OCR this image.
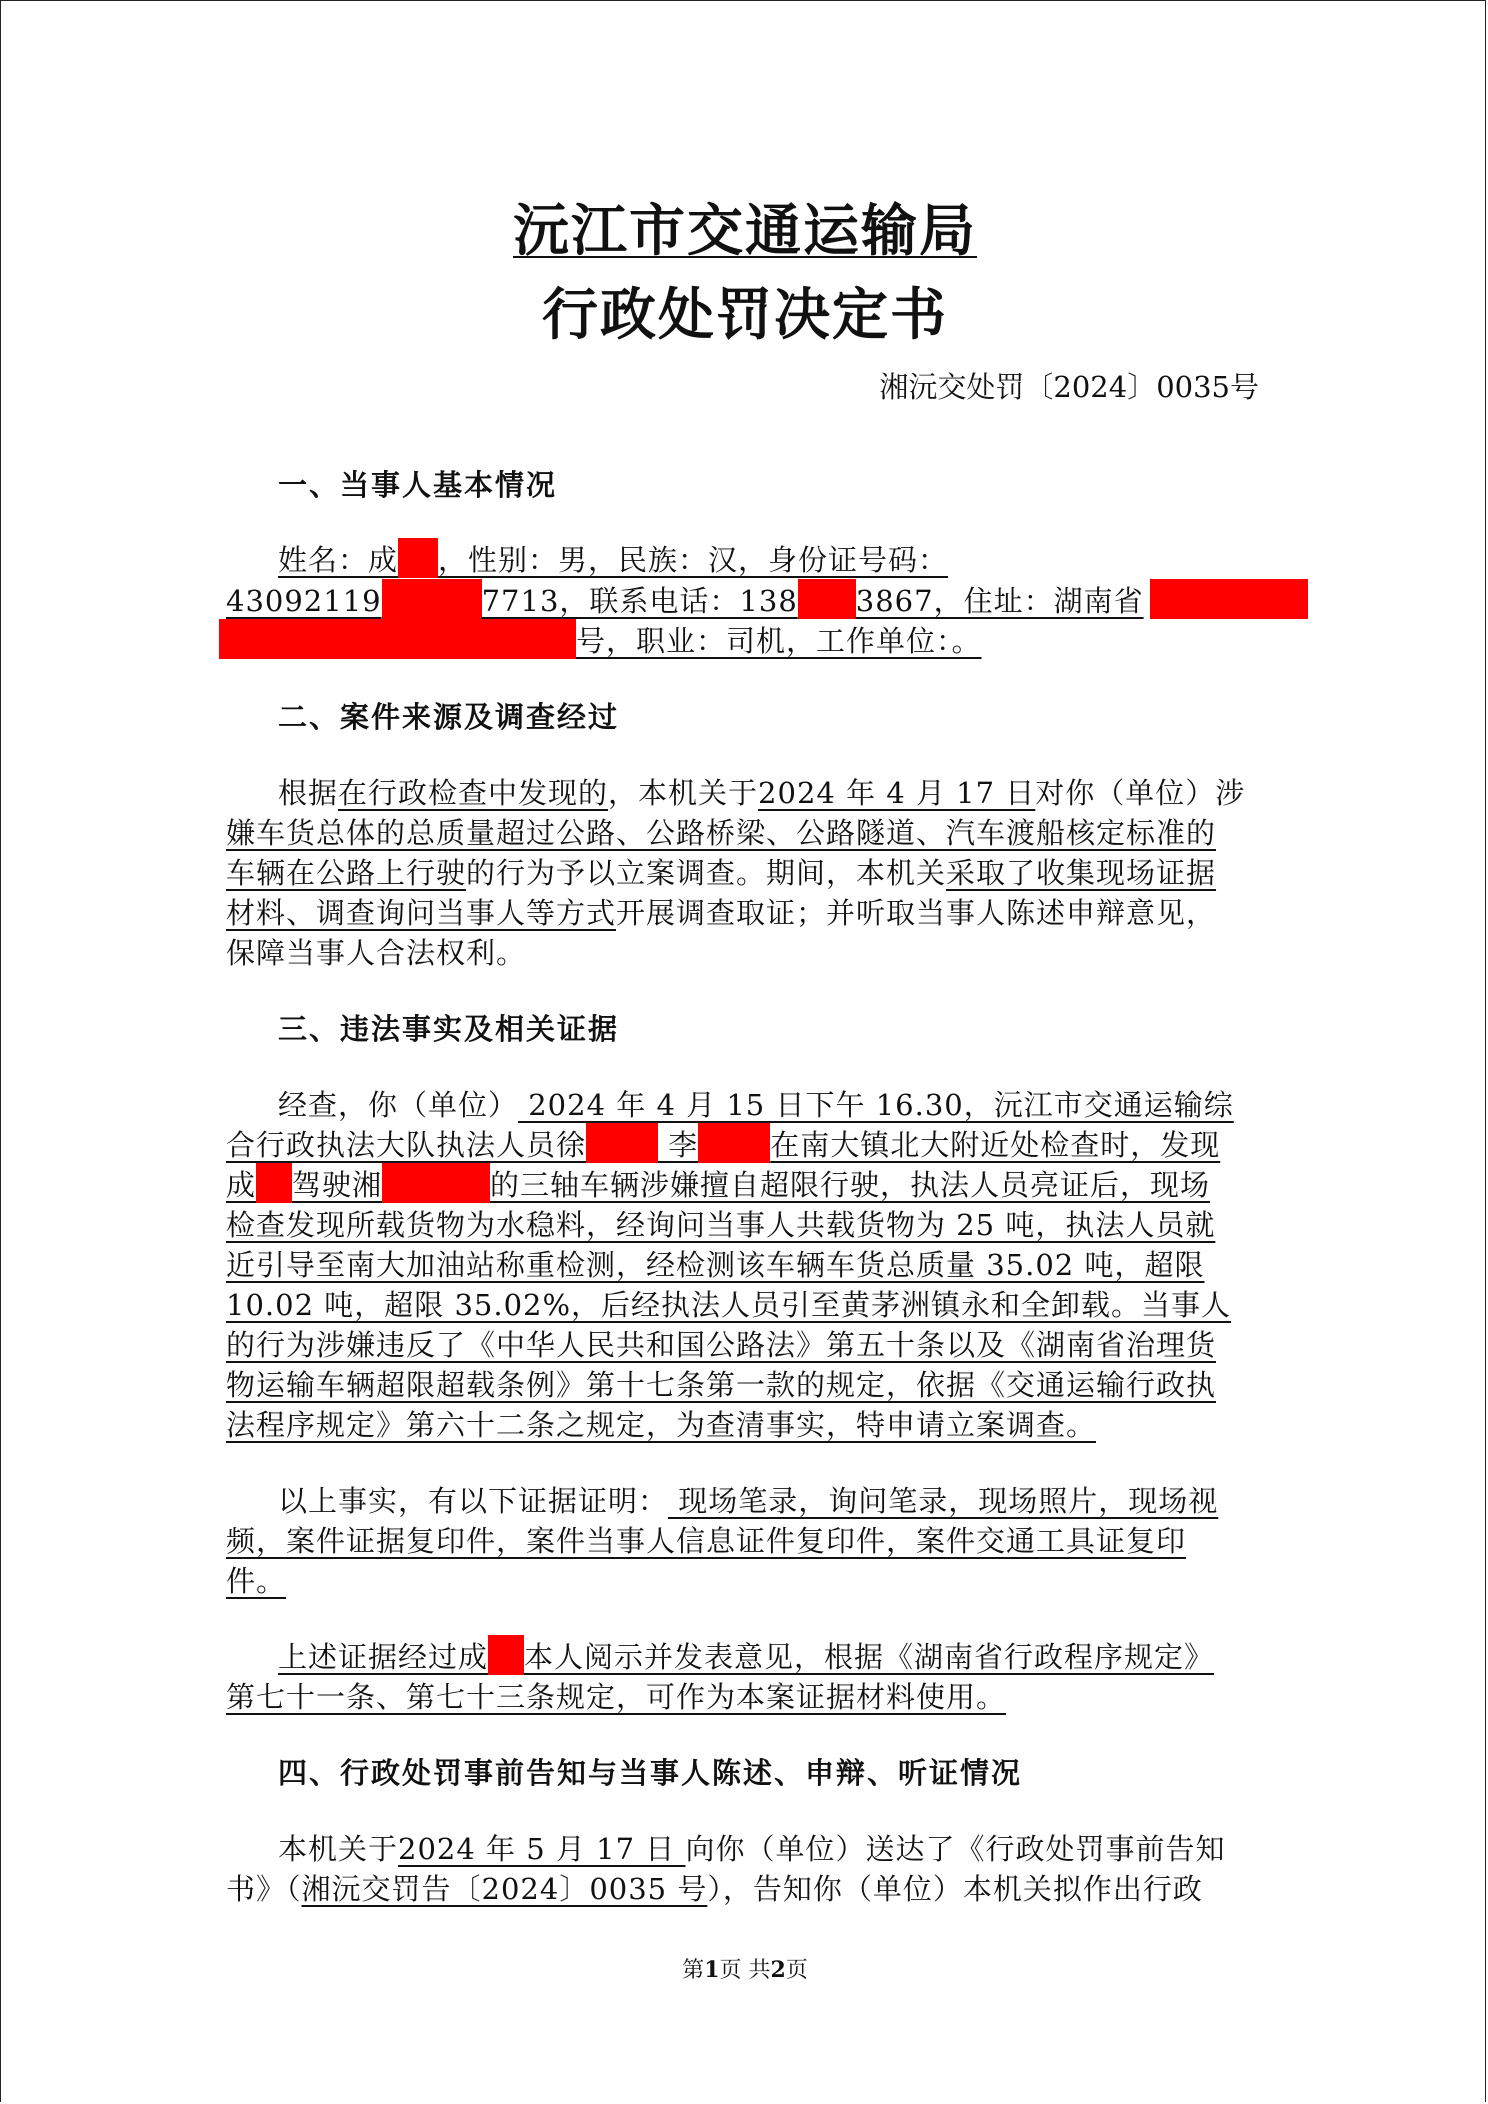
沅江市交通运输局
行政处罚决定书
湘沅交处罚〔2024〕0035号
一、当事人基本情况
姓名：成 ，性别：男，民族：汉，身份证号码：
43092119	7713，联系电话：138 3867，住址：湖南省
号，职业：司机，工作单位：。
二、案件来源及调查经过
根据在行政检查中发现的，本机关于2024 年 4 月 17 日对你（单位）涉
嫌车货总体的总质量超过公路、公路桥梁、公路隧道、汽车渡船核定标准的
车辆在公路上行驶的行为予以立案调查。期间，本机关采取了收集现场证据
材料、调查询问当事人等方式开展调查取证；并听取当事人陈述申辩意见，
保障当事人合法权利。
三、违法事实及相关证据
经查，你（单位） 2024 年 4 月 15 日下午 16.30，沅江市交通运输综
合行政执法大队执法人员徐 李 在南大镇北大附近处检查时，发现
成 驾驶湘	的三轴车辆涉嫌擅自超限行驶，执法人员亮证后，现场
检查发现所载货物为水稳料，经询问当事人共载货物为 25 吨，执法人员就
近引导至南大加油站称重检测，经检测该车辆车货总质量 35.02 吨，超限
10.02 吨，超限 35.02%，后经执法人员引至黄茅洲镇永和全卸载。当事人
的行为涉嫌违反了《中华人民共和国公路法》第五十条以及《湖南省治理货
物运输车辆超限超载条例》第十七条第一款的规定，依据《交通运输行政执
法程序规定》第六十二条之规定，为查清事实，特申请立案调查。
以上事实，有以下证据证明： 现场笔录，询问笔录，现场照片，现场视
频，案件证据复印件，案件当事人信息证件复印件，案件交通工具证复印
件。
上述证据经过成 本人阅示并发表意见，根据《湖南省行政程序规定》
第七十一条、第七十三条规定，可作为本案证据材料使用。
四、行政处罚事前告知与当事人陈述、申辩、听证情况
本机关于2024 年 5 月 17 日 向你（单位）送达了《行政处罚事前告知
书》（湘沅交罚告〔2024〕0035 号），告知你（单位）本机关拟作出行政
第1页 共2页
